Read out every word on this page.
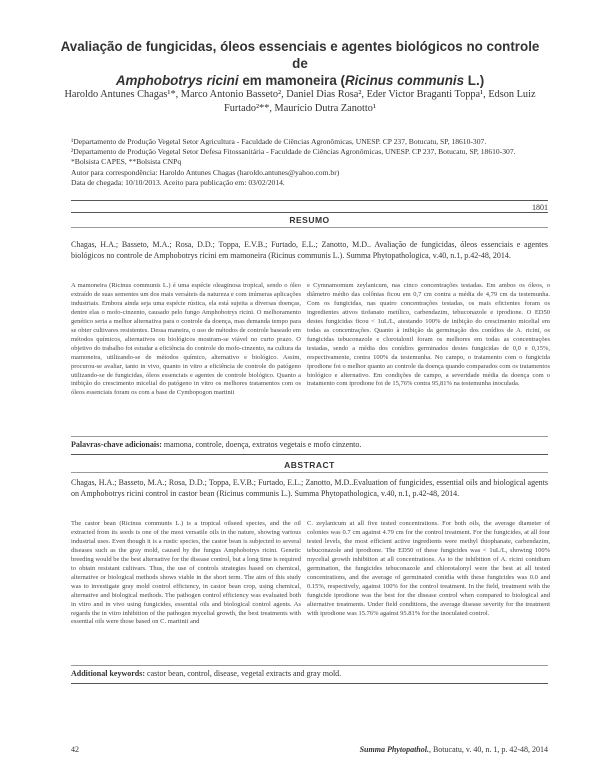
Avaliação de fungicidas, óleos essenciais e agentes biológicos no controle de
Amphobotrys ricini em mamoneira (Ricinus communis L.)
Haroldo Antunes Chagas¹*, Marco Antonio Basseto², Daniel Dias Rosa², Eder Victor Braganti Toppa¹, Edson Luiz
Furtado²**, Maurício Dutra Zanotto¹
¹Departamento de Produção Vegetal Setor Agricultura - Faculdade de Ciências Agronômicas, UNESP. CP 237, Botucatu, SP, 18610-307.
²Departamento de Produção Vegetal Setor Defesa Fitossanitária - Faculdade de Ciências Agronômicas, UNESP. CP 237, Botucatu, SP, 18610-307.
*Bolsista CAPES, **Bolsista CNPq
Autor para correspondência: Haroldo Antunes Chagas (haroldo.antunes@yahoo.com.br)
Data de chegada: 10/10/2013. Aceito para publicação em: 03/02/2014.
1801
RESUMO
Chagas, H.A.; Basseto, M.A.; Rosa, D.D.; Toppa, E.V.B.; Furtado, E.L.; Zanotto, M.D.. Avaliação de fungicidas, óleos essenciais e agentes biológicos no controle de Amphobotrys ricini em mamoneira (Ricinus communis L.). Summa Phytopathologica, v.40, n.1, p.42-48, 2014.
A mamoneira (Ricinus communis L.) é uma espécie oleaginosa tropical, sendo o óleo extraído de suas sementes um dos mais versáteis da natureza e com inúmeras aplicações industriais. Embora ainda seja uma espécie rústica, ela está sujeita a diversas doenças, dentre elas o mofo-cinzento, causado pelo fungo Amphobotrys ricini. O melhoramento genético seria a melhor alternativa para o controle da doença, mas demanda tempo para se obter cultivares resistentes. Dessa maneira, o uso de métodos de controle baseado em métodos químicos, alternativos ou biológicos mostram-se viável no curto prazo. O objetivo do trabalho foi estudar a eficiência do controle do mofo-cinzento, na cultura da mamoneira, utilizando-se de métodos químico, alternativo e biológico. Assim, procurou-se avaliar, tanto in vivo, quanto in vitro a eficiência de controle do patógeno utilizando-se de fungicidas, óleos essenciais e agentes de controle biológico. Quanto a inibição do crescimento micelial do patógeno in vitro os melhores tratamentos com os óleos essenciais foram os com a base de Cymbopogon martinii
e Cymnamomum zeylanicum, nas cinco concentrações testadas. Em ambos os óleos, o diâmetro médio das colônias ficou em 0,7 cm contra a média de 4,79 cm da testemunha. Com os fungicidas, nas quatro concentrações testadas, os mais eficientes foram os ingredientes ativos tiofanato metílico, carbendazim, tebuconazole e iprodione. O ED50 destes fungicidas ficou < 1uL/L, atestando 100% de inibição do crescimento micelial em todas as concentrações. Quanto à inibição da germinação dos conídios de A. ricini, os fungicidas tebuconazole e clorotalonil foram os melhores em todas as concentrações testadas, sendo a média dos conídios germinados destes fungicidas de 0,0 e 0,15%, respectivamente, contra 100% da testemunha. No campo, o tratamento com o fungicida iprodione foi o melhor quanto ao controle da doença quando comparados com os tratamentos biológico e alternativo. Em condições de campo, a severidade média da doença com o tratamento com iprodione foi de 15,76% contra 95,81% na testemunha inoculada.
Palavras-chave adicionais: mamona, controle, doença, extratos vegetais e mofo cinzento.
ABSTRACT
Chagas, H.A.; Basseto, M.A.; Rosa, D.D.; Toppa, E.V.B.; Furtado, E.L.; Zanotto, M.D..Evaluation of fungicides, essential oils and biological agents on Amphobotrys ricini control in castor bean (Ricinus communis L.). Summa Phytopathologica, v.40, n.1, p.42-48, 2014.
The castor bean (Ricinus communis L.) is a tropical oilseed species, and the oil extracted from its seeds is one of the most versatile oils in the nature, showing various industrial uses. Even though it is a rustic species, the castor bean is subjected to several diseases such as the gray mold, caused by the fungus Amphobotrys ricini. Genetic breeding would be the best alternative for the disease control, but a long time is required to obtain resistant cultivars. Thus, the use of controls strategies based on chemical, alternative or biological methods shows viable in the short term. The aim of this study was to investigate gray mold control efficiency, in castor bean crop, using chemical, alternative and biological methods. The pathogen control efficiency was evaluated both in vitro and in vivo using fungicides, essential oils and biological control agents. As regards the in vitro inhibition of the pathogen mycelial growth, the best treatments with essential oils were those based on C. martinii and
C. zeylanicum at all five tested concentrations. For both oils, the average diameter of colonies was 0.7 cm against 4.79 cm for the control treatment. For the fungicides, at all four tested levels, the most efficient active ingredients were methyl thiophanate, carbendazim, tebuconazole and iprodione. The ED50 of these fungicides was < 1uL/L, showing 100% mycelial growth inhibition at all concentrations. As to the inhibition of A. ricini conidium germination, the fungicides tebuconazole and chlorotalonyl were the best at all tested concentrations, and the average of germinated conidia with these fungicides was 0.0 and 0.15%, respectively, against 100% for the control treatment. In the field, treatment with the fungicide iprodione was the best for the disease control when compared to biological and alternative treatments. Under field conditions, the average disease severity for the treatment with iprodione was 15.76% against 95.81% for the inoculated control.
Additional keywords: castor bean, control, disease, vegetal extracts and gray mold.
42	Summa Phytopathol., Botucatu, v. 40, n. 1, p. 42-48, 2014
